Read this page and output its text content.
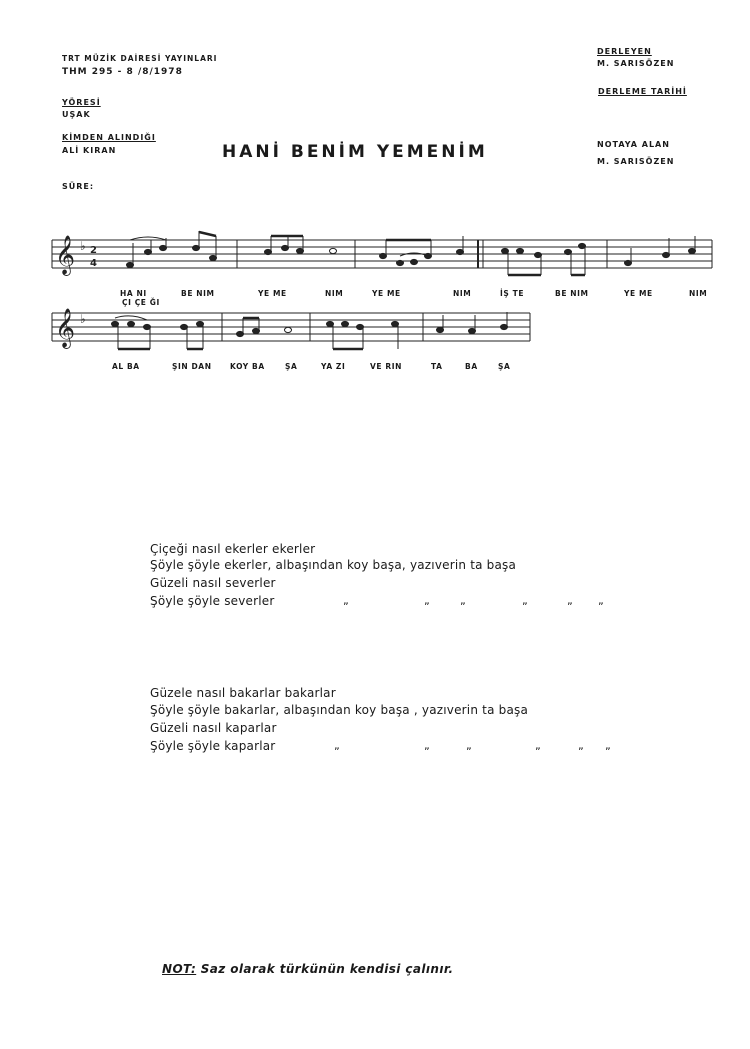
TRT MÜZİK DAİRESİ YAYINLARI
THM 295 - 8 /8/1978
YÖRESİ
UŞAK
KİMDEN ALINDIĞI
ALİ KIRAN
SÜRE:
DERLEYEN
M. SARISÖZEN
DERLEME TARİHİ
NOTAYA ALAN
M. SARISÖZEN
HANİ BENİM YEMENİM
𝄞
𝄞
♭
♭
2
4
HA NI	BE NIM	YE ME	NIM	YE ME	NIM	İŞ TE	BE NIM	YE ME	NIM
ÇI ÇE ĞI
AL BA	ŞIN DAN KOY BA	ŞA	YA ZI	VE RIN	TA	BA	ŞA
Çiçeği nasıl ekerler ekerler
Şöyle şöyle ekerler, albaşından koy başa, yazıverin ta başa
Güzeli nasıl severler
Şöyle şöyle severler	„	„	„	„	„ „
Güzele nasıl bakarlar bakarlar
Şöyle şöyle bakarlar, albaşından koy başa , yazıverin ta başa
Güzeli nasıl kaparlar
Şöyle şöyle kaparlar	„	„	„	„	„ „
NOT: Saz olarak türkünün kendisi çalınır.
